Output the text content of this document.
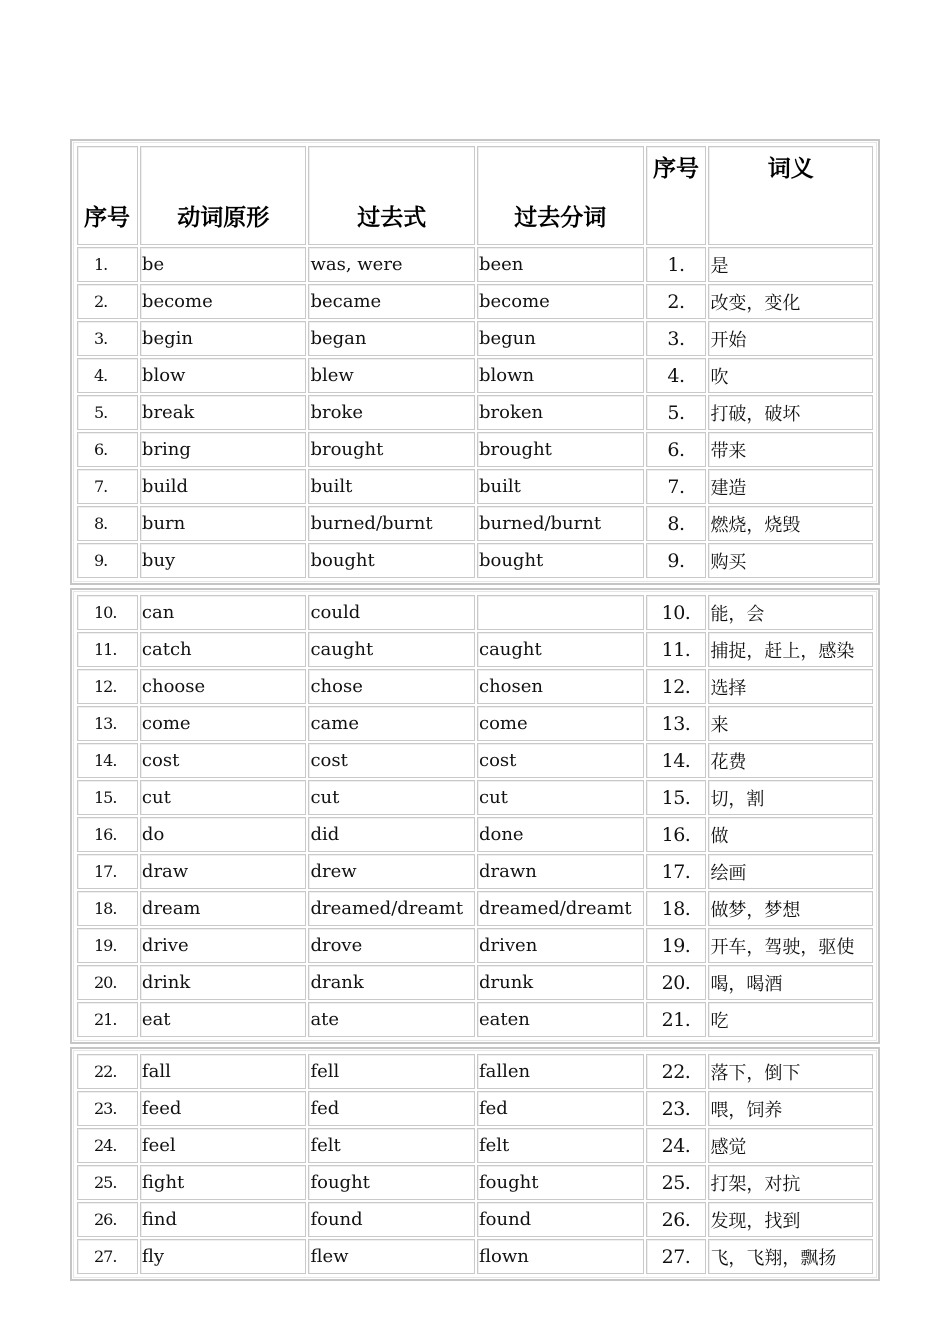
序号	动词原形	过去式	过去分词	序号	词义
1.	be	was, were	been	1.	是
2.	become	became	become	2.	改变，变化
3.	begin	began	begun	3.	开始
4.	blow	blew	blown	4.	吹
5.	break	broke	broken	5.	打破，破坏
6.	bring	brought	brought	6.	带来
7.	build	built	built	7.	建造
8.	burn	burned/burnt	burned/burnt	8.	燃烧，烧毁
9.	buy	bought	bought	9.	购买
10.	can	could		10.	能，会
11.	catch	caught	caught	11.	捕捉，赶上，感染
12.	choose	chose	chosen	12.	选择
13.	come	came	come	13.	来
14.	cost	cost	cost	14.	花费
15.	cut	cut	cut	15.	切，割
16.	do	did	done	16.	做
17.	draw	drew	drawn	17.	绘画
18.	dream	dreamed/dreamt	dreamed/dreamt	18.	做梦，梦想
19.	drive	drove	driven	19.	开车，驾驶，驱使
20.	drink	drank	drunk	20.	喝，喝酒
21.	eat	ate	eaten	21.	吃
22.	fall	fell	fallen	22.	落下，倒下
23.	feed	fed	fed	23.	喂，饲养
24.	feel	felt	felt	24.	感觉
25.	fight	fought	fought	25.	打架，对抗
26.	find	found	found	26.	发现，找到
27.	fly	flew	flown	27.	飞，飞翔，飘扬
